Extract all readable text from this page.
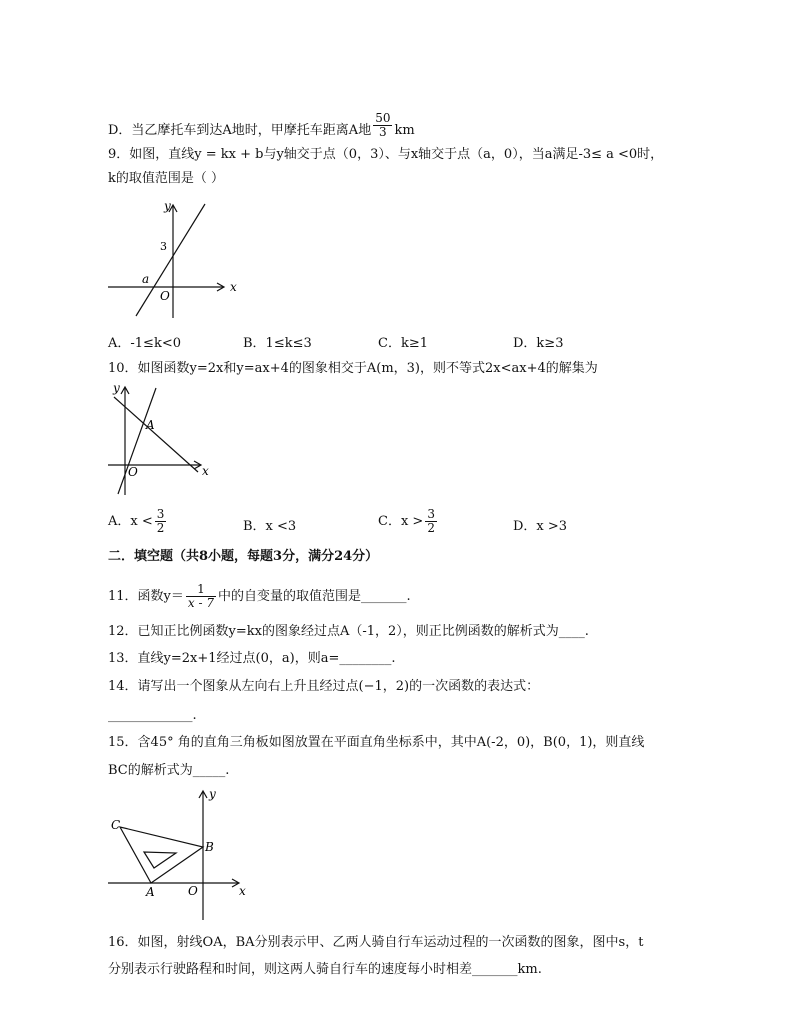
D．当乙摩托车到达A地时，甲摩托车距离A地 $\frac{50}{3}$ km
9．如图，直线y = kx + b与y轴交于点（0，3）、与x轴交于点（a，0），当a满足-3≤ a <0时，
k的取值范围是（ ）
y
x
3
a
O
A．-1≤k<0	B．1≤k≤3	C．k≥1	D．k≥3
10．如图函数y=2x和y=ax+4的图象相交于A(m，3)，则不等式2x<ax+4的解集为
y
x
A
O
A．$x < \frac{3}{2}$	B．x <3	C．$x > \frac{3}{2}$	D．x >3
二．填空题（共8小题，每题3分，满分24分）
11．函数$y= \frac{1}{x - 7}$ 中的自变量的取值范围是_______.
12．已知正比例函数y=kx的图象经过点A（-1，2），则正比例函数的解析式为____.
13．直线y=2x+1经过点(0，a)，则a=________.
14．请写出一个图象从左向右上升且经过点(−1，2)的一次函数的表达式：
_____________.
15．含45° 角的直角三角板如图放置在平面直角坐标系中，其中A(-2，0)，B(0，1)，则直线
BC的解析式为_____.
y
x
C
B
A	O
16．如图，射线OA，BA分别表示甲、乙两人骑自行车运动过程的一次函数的图象，图中s，t
分别表示行驶路程和时间，则这两人骑自行车的速度每小时相差_______km.
